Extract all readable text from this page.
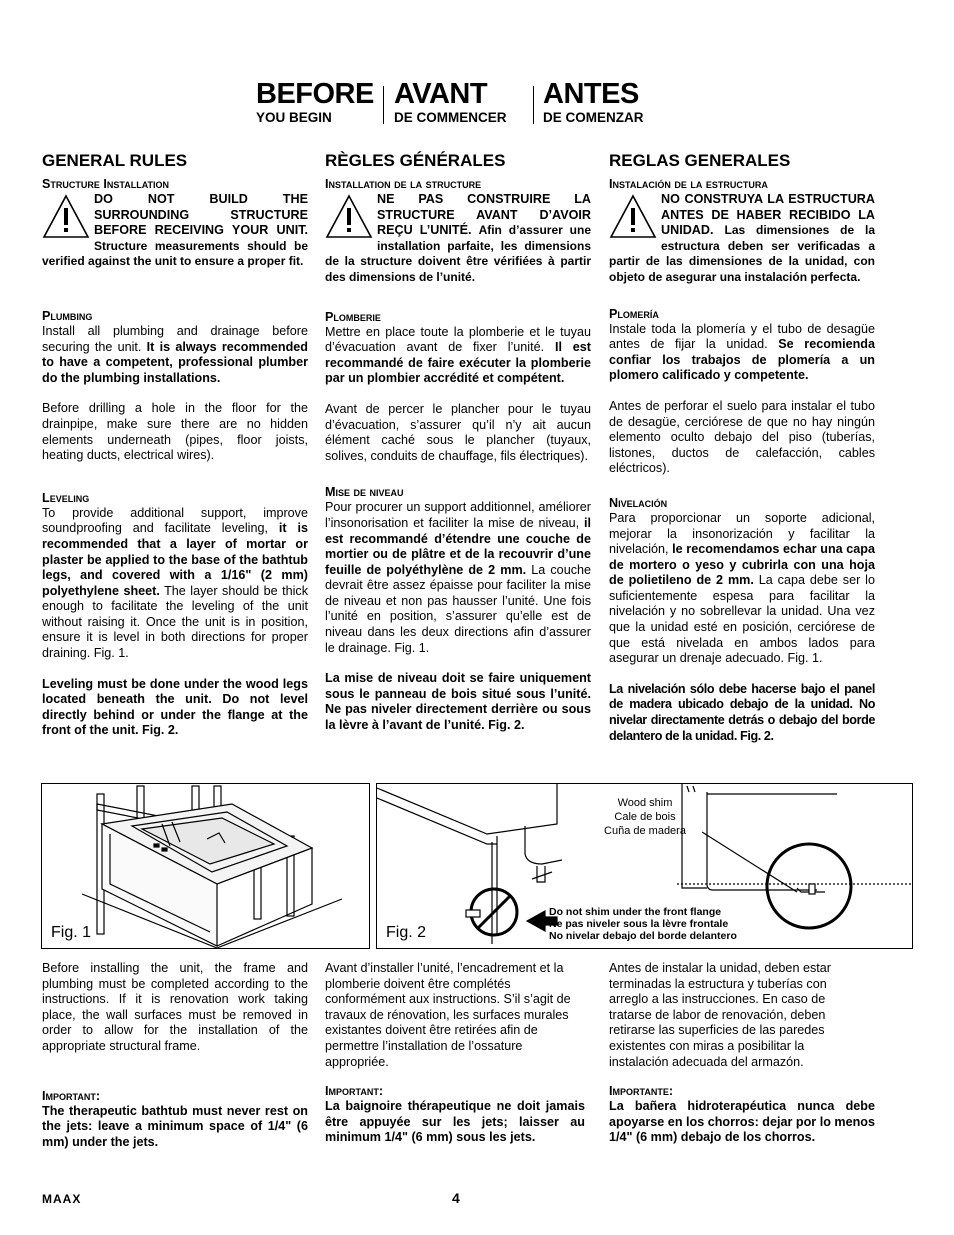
BEFORE
YOU BEGIN
AVANT
DE COMMENCER
ANTES
DE COMENZAR
GENERAL RULES
Structure Installation

DO NOT BUILD THE SURROUNDING STRUCTURE BEFORE RECEIVING YOUR UNIT. Structure measurements should be verified against the unit to ensure a proper fit.

Plumbing

Install all plumbing and drainage before securing the unit. It is always recommended to have a competent, professional plumber do the plumbing installations.

Before drilling a hole in the floor for the drainpipe, make sure there are no hidden elements underneath (pipes, floor joists, heating ducts, electrical wires).

Leveling

To provide additional support, improve soundproofing and facilitate leveling, it is recommended that a layer of mortar or plaster be applied to the base of the bathtub legs, and covered with a 1/16" (2 mm) polyethylene sheet. The layer should be thick enough to facilitate the leveling of the unit without raising it. Once the unit is in position, ensure it is level in both directions for proper draining. Fig. 1.

Leveling must be done under the wood legs located beneath the unit. Do not level directly behind or under the flange at the front of the unit. Fig. 2.

RÈGLES GÉNÉRALES
Installation de la structure

NE PAS CONSTRUIRE LA STRUCTURE AVANT D’AVOIR REÇU L’UNITÉ. Afin d’assurer une installation parfaite, les dimensions de la structure doivent être vérifiées à partir des dimensions de l’unité.

Plomberie

Mettre en place toute la plomberie et le tuyau d’évacuation avant de fixer l’unité. Il est recommandé de faire exécuter la plomberie par un plombier accrédité et compétent.

Avant de percer le plancher pour le tuyau d’évacuation, s’assurer qu’il n’y ait aucun élément caché sous le plancher (tuyaux, solives, conduits de chauffage, fils électriques).

Mise de niveau

Pour procurer un support additionnel, améliorer l’insonorisation et faciliter la mise de niveau, il est recommandé d’étendre une couche de mortier ou de plâtre et de la recouvrir d’une feuille de polyéthylène de 2 mm. La couche devrait être assez épaisse pour faciliter la mise de niveau et non pas hausser l’unité. Une fois l’unité en position, s’assurer qu’elle est de niveau dans les deux directions afin d’assurer le drainage. Fig. 1.

La mise de niveau doit se faire uniquement sous le panneau de bois situé sous l’unité. Ne pas niveler directement derrière ou sous la lèvre à l’avant de l’unité. Fig. 2.

REGLAS GENERALES
Instalación de la estructura

NO CONSTRUYA LA ESTRUCTURA ANTES DE HABER RECIBIDO LA UNIDAD. Las dimensiones de la estructura deben ser verificadas a partir de las dimensiones de la unidad, con objeto de asegurar una instalación perfecta.

Plomería

Instale toda la plomería y el tubo de desagüe antes de fijar la unidad. Se recomienda confiar los trabajos de plomería a un plomero calificado y competente.

Antes de perforar el suelo para instalar el tubo de desagüe, cerciórese de que no hay ningún elemento oculto debajo del piso (tuberías, listones, ductos de calefacción, cables eléctricos).

Nivelación

Para proporcionar un soporte adicional, mejorar la insonorización y facilitar la nivelación, le recomendamos echar una capa de mortero o yeso y cubrirla con una hoja de polietileno de 2 mm. La capa debe ser lo suficientemente espesa para facilitar la nivelación y no sobrellevar la unidad. Una vez que la unidad esté en posición, cerciórese de que está nivelada en ambos lados para asegurar un drenaje adecuado. Fig. 1.

La nivelación sólo debe hacerse bajo el panel de madera ubicado debajo de la unidad. No nivelar directamente detrás o debajo del borde delantero de la unidad. Fig. 2.

Fig. 1
Wood shim
Cale de bois
Cuña de madera
Do not shim under the front flange
Ne pas niveler sous la lèvre frontale
No nivelar debajo del borde delantero
Fig. 2

Before installing the unit, the frame and plumbing must be completed according to the instructions. If it is renovation work taking place, the wall surfaces must be removed in order to allow for the installation of the appropriate structural frame.

Important:

The therapeutic bathtub must never rest on the jets: leave a minimum space of 1/4" (6 mm) under the jets.

Avant d’installer l’unité, l’encadrement et la plomberie doivent être complétés conformément aux instructions. S’il s’agit de travaux de rénovation, les surfaces murales existantes doivent être retirées afin de permettre l’installation de l’ossature appropriée.

Important:

La baignoire thérapeutique ne doit jamais être appuyée sur les jets; laisser au minimum 1/4" (6 mm) sous les jets.

Antes de instalar la unidad, deben estar terminadas la estructura y tuberías con arreglo a las instrucciones. En caso de tratarse de labor de renovación, deben retirarse las superficies de las paredes existentes con miras a posibilitar la instalación adecuada del armazón.

Importante:

La bañera hidroterapéutica nunca debe apoyarse en los chorros: dejar por lo menos 1/4" (6 mm) debajo de los chorros.

MAAX	4
